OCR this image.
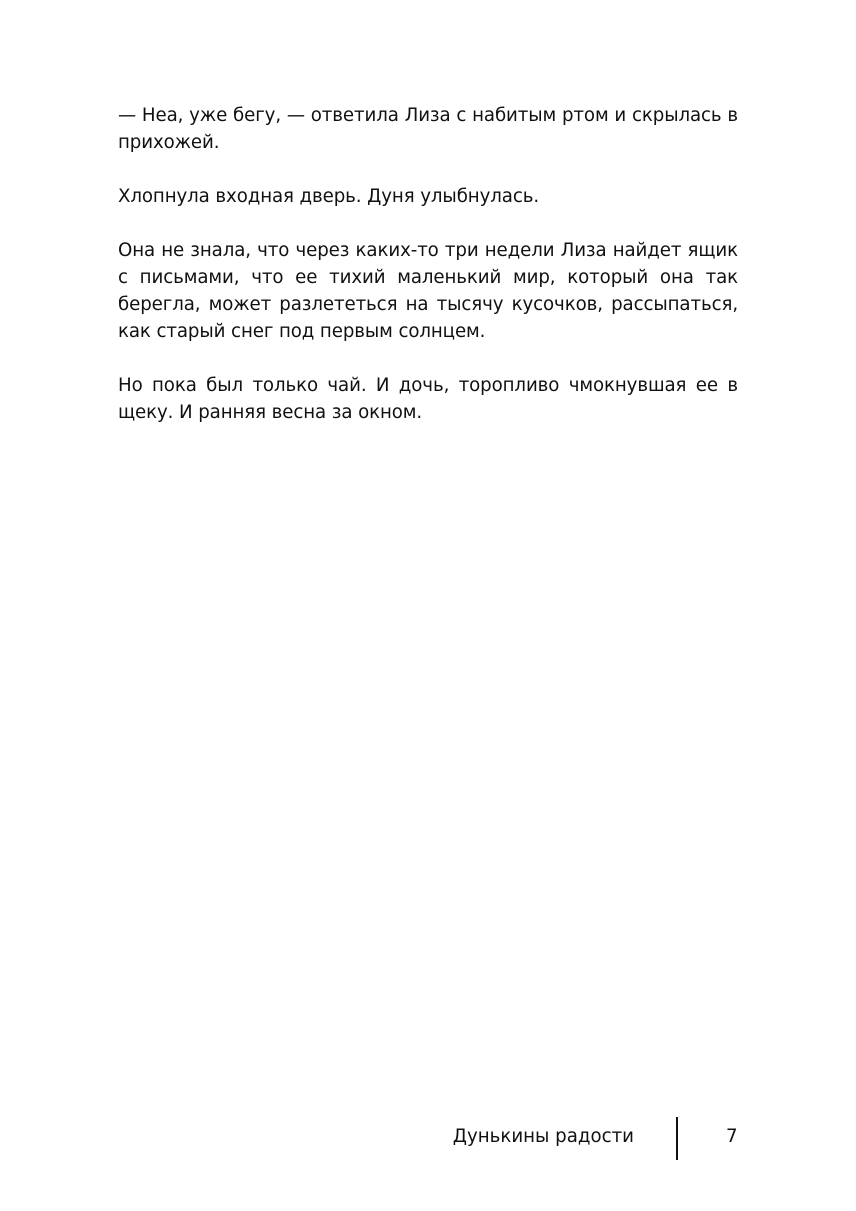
— Неа, уже бегу, — ответила Лиза с набитым ртом и скрылась в прихожей.

Хлопнула входная дверь. Дуня улыбнулась.

Она не знала, что через каких-то три недели Лиза найдет ящик с письмами, что ее тихий маленький мир, который она так берегла, может разлететься на тысячу кусочков, рассыпаться, как старый снег под первым солнцем.

Но пока был только чай. И дочь, торопливо чмокнувшая ее в щеку. И ранняя весна за окном.

Дунькины радости	7
